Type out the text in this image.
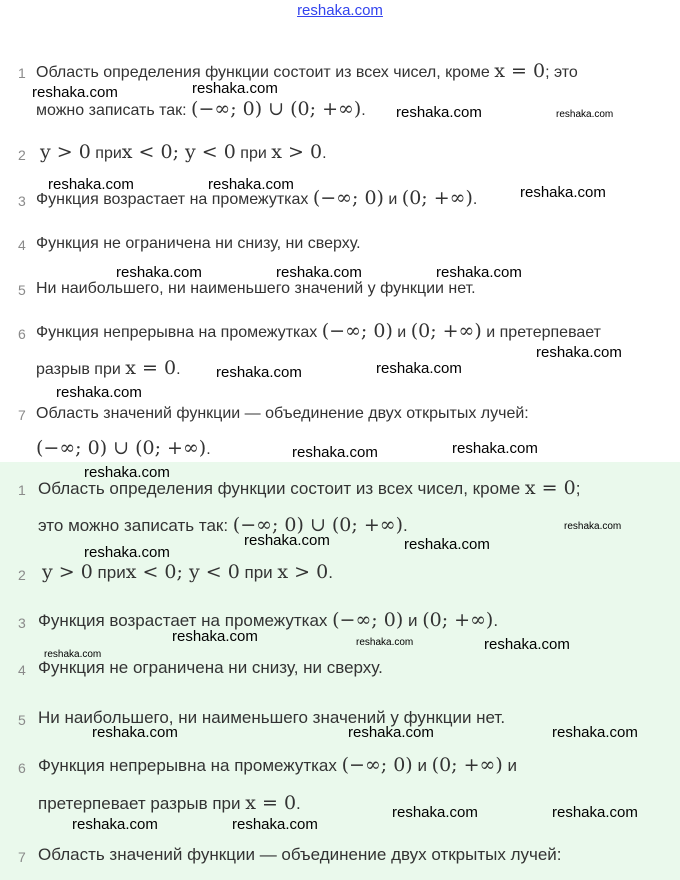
reshaka.com
1 Область определения функции состоит из всех чисел, кроме x = 0; это
можно записать так: (−∞; 0) ∪ (0; +∞).
2 y > 0 приx < 0; y < 0 при x > 0.
3 Функция возрастает на промежутках (−∞; 0) и (0; +∞).
4 Функция не ограничена ни снизу, ни сверху.
5 Ни наибольшего, ни наименьшего значений у функции нет.
6 Функция непрерывна на промежутках (−∞; 0) и (0; +∞) и претерпевает
разрыв при x = 0.
7 Область значений функции — объединение двух открытых лучей:
(−∞; 0) ∪ (0; +∞).
1 Область определения функции состоит из всех чисел, кроме x = 0;
это можно записать так: (−∞; 0) ∪ (0; +∞).
2 y > 0 приx < 0; y < 0 при x > 0.
3 Функция возрастает на промежутках (−∞; 0) и (0; +∞).
4 Функция не ограничена ни снизу, ни сверху.
5 Ни наибольшего, ни наименьшего значений у функции нет.
6 Функция непрерывна на промежутках (−∞; 0) и (0; +∞) и
претерпевает разрыв при x = 0.
7 Область значений функции — объединение двух открытых лучей:
reshaka.com	reshaka.com
reshaka.com	reshaka.com
reshaka.com	reshaka.com	reshaka.com
reshaka.com	reshaka.com	reshaka.com
reshaka.com
reshaka.com	reshaka.com
reshaka.com
reshaka.com	reshaka.com
reshaka.com
reshaka.com
reshaka.com	reshaka.com
reshaka.com
reshaka.com	reshaka.com	reshaka.com
reshaka.com
reshaka.com	reshaka.com	reshaka.com
reshaka.com	reshaka.com
reshaka.com	reshaka.com
